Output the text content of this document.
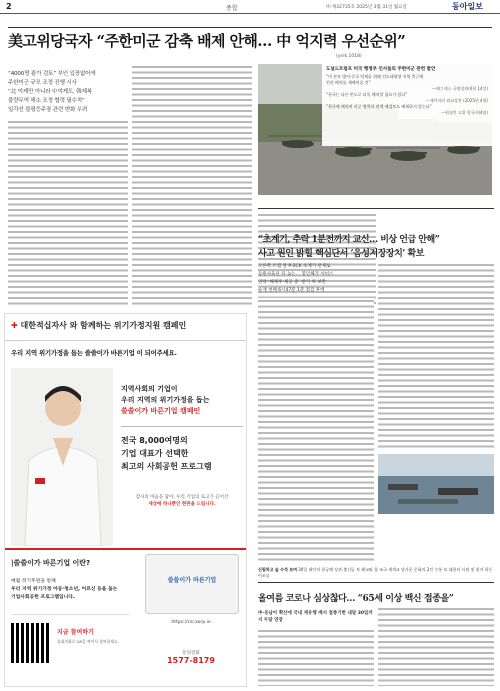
2	종합	㈜ 제32735호 2025년 3월 31일 월요일	동아일보
美고위당국자 “주한미군 감축 배제 안해… 中 억지력 우선순위”
(ynik.1018)
“4000명 괌가 검토” 부인 입장없어에
주한미군 규모 조정 진행 시사
“北 억제만 아니라 中억제도, 韓제복
불량무역 해소 조정 협력 필수적”
일각선 불평등주장 관련 변화 우려
도널드트럼프 미국 행정부 인사들의 주한미군 관련 발언
“미 본토 방어·중국 억제를 위해 인도태평양 지역 측근에
전진 배치를 재배치를 것”
—해그세스 국방장관(4월 14일)
“한국는 다른 빈도로 더욱 배치할 필요가 있다”
—제이미러 외교장관 (2025년 4월)
“한국에 배치된 미군 병력의 관계 재검토도 배제하지 않는다”
—워싱턴 고위 당국자(4월)
“초계기, 추락 1분전까지 교신… 비상 언급 안해”
사고 원인 밝힐 핵심단서 ‘음성저장장치’ 확보
오른쪽 트랩 앞 P-3CK 초계기 관제로
동원사육된 뒤 늦는… 봉인해가 서비스
연락 ‘해제후 제공 중’ 받기 위 보완
순재 첫째 6시47분 1분 점검 후에
신림하고 숲 수석 보며 30일 태안의 항공해 상관 출신들 보 폐교와 함 조국 재개교 당사운 문화의 2인 수통 보 대합의 시외 및 현지 하동 어조를
올여름 코로나 심상찮다… “65세 이상 백신 접종을”
中·동남아 확산에 국내 재유행 배서 접종기한 내달 30일까지 두달 연장
✚ 대한적십자사 와 함께하는 위기가정지원 캠페인
우리 지역 위기가정을 돕는 쓸쓸이가 바른기업 이 되어주세요.
지역사회의 기업이
우리 지역의 위기가정을 돕는
쓸쓸이가 바른기업 캠페인
전국 8,000여명의
기업 대표가 선택한
최고의 사회공헌 프로그램
감사의 마음을 담아, 우리 기업의 로고가 들어간
세상에 하나뿐인 현판을 드립니다.
|쓸쓸이가 바른기업 이란?
매월 정기후원을 통해
우리 지역 위기가정 아동·청소년, 어르신 등을 돕는
기업사회공헌 프로그램입니다.
쓸쓸이가 바른기업
지금 참여하기
휴대전화로 QR을 찍어서 참여하세요.
https://csr.xorp.io
문의전화
1577-8179
